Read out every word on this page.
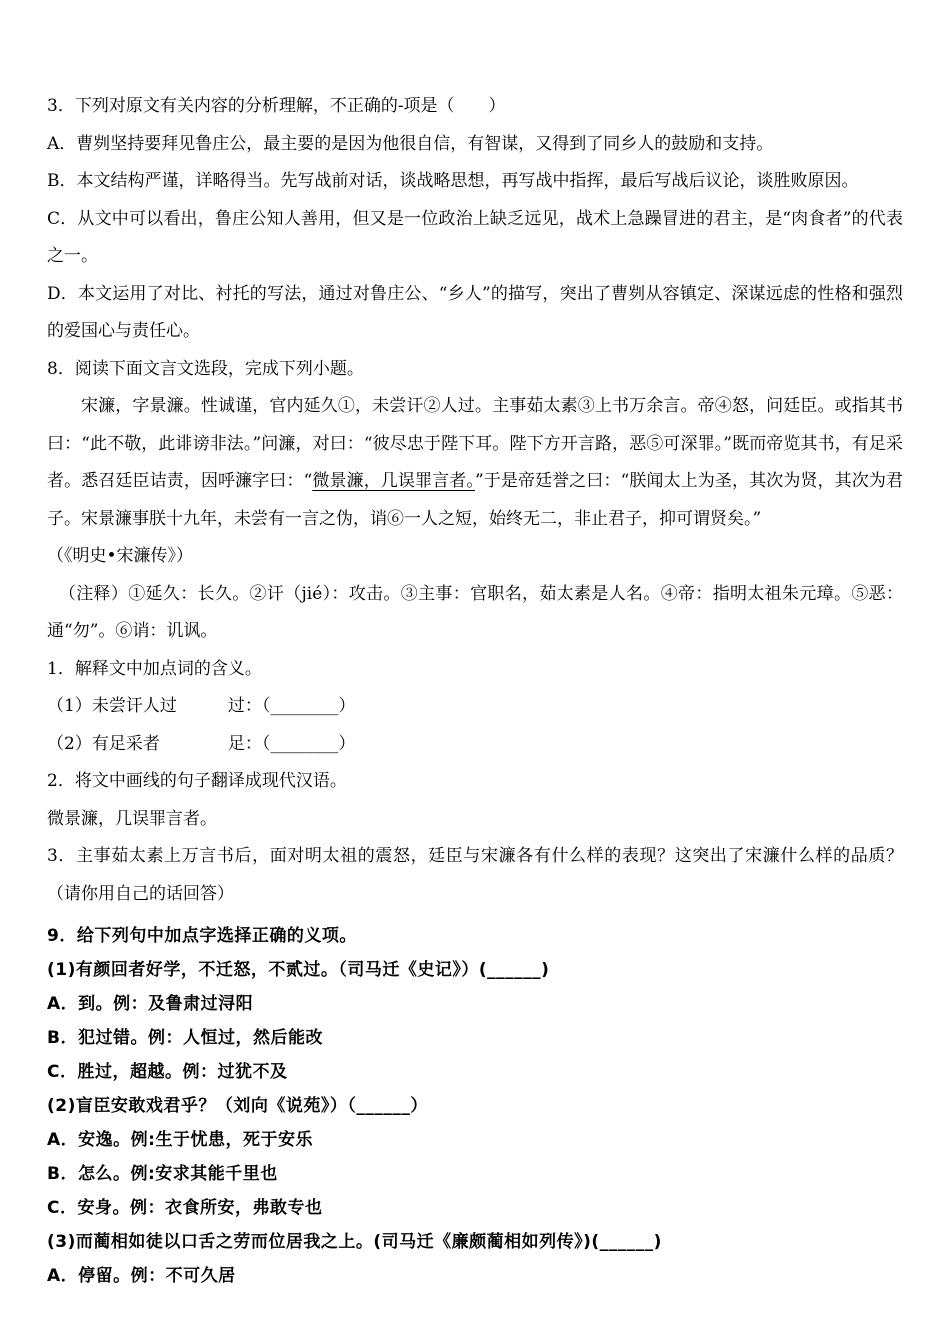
3．下列对原文有关内容的分析理解，不正确的-项是（　　）

A．曹刿坚持要拜见鲁庄公，最主要的是因为他很自信，有智谋，又得到了同乡人的鼓励和支持。

B．本文结构严谨，详略得当。先写战前对话，谈战略思想，再写战中指挥，最后写战后议论，谈胜败原因。

C．从文中可以看出，鲁庄公知人善用，但又是一位政治上缺乏远见，战术上急躁冒进的君主，是“肉食者”的代表之一。

D．本文运用了对比、衬托的写法，通过对鲁庄公、“乡人”的描写，突出了曹刿从容镇定、深谋远虑的性格和强烈的爱国心与责任心。

8．阅读下面文言文选段，完成下列小题。

宋濂，字景濂。性诚谨，官内延久①，未尝讦②人过。主事茹太素③上书万余言。帝④怒，问廷臣。或指其书曰：“此不敬，此诽谤非法。”问濂，对曰：“彼尽忠于陛下耳。陛下方开言路，恶⑤可深罪。”既而帝览其书，有足采者。悉召廷臣诘责，因呼濂字曰：“微景濂，几误罪言者。”于是帝廷誉之曰：“朕闻太上为圣，其次为贤，其次为君子。宋景濂事朕十九年，未尝有一言之伪，诮⑥一人之短，始终无二，非止君子，抑可谓贤矣。”

（《明史•宋濂传》）

（注释）①延久：长久。②讦（jié）：攻击。③主事：官职名，茹太素是人名。④帝：指明太祖朱元璋。⑤恶：通“勿”。⑥诮：讥讽。

1．解释文中加点词的含义。

（1）未尝讦人过　　　过：（________）

（2）有足采者　　　　足：（________）

2．将文中画线的句子翻译成现代汉语。

微景濂，几误罪言者。

3．主事茹太素上万言书后，面对明太祖的震怒，廷臣与宋濂各有什么样的表现？这突出了宋濂什么样的品质？（请你用自己的话回答）

9．给下列句中加点字选择正确的义项。

(1)有颜回者好学，不迁怒，不贰过。（司马迁《史记》）(______)

A．到。例：及鲁肃过浔阳

B．犯过错。例：人恒过，然后能改

C．胜过，超越。例：过犹不及

(2)盲臣安敢戏君乎？（刘向《说苑》）（______）

A．安逸。例:生于忧患，死于安乐

B．怎么。例:安求其能千里也

C．安身。例：衣食所安，弗敢专也

(3)而蔺相如徒以口舌之劳而位居我之上。(司马迁《廉颇蔺相如列传》)(______)

A．停留。例：不可久居
